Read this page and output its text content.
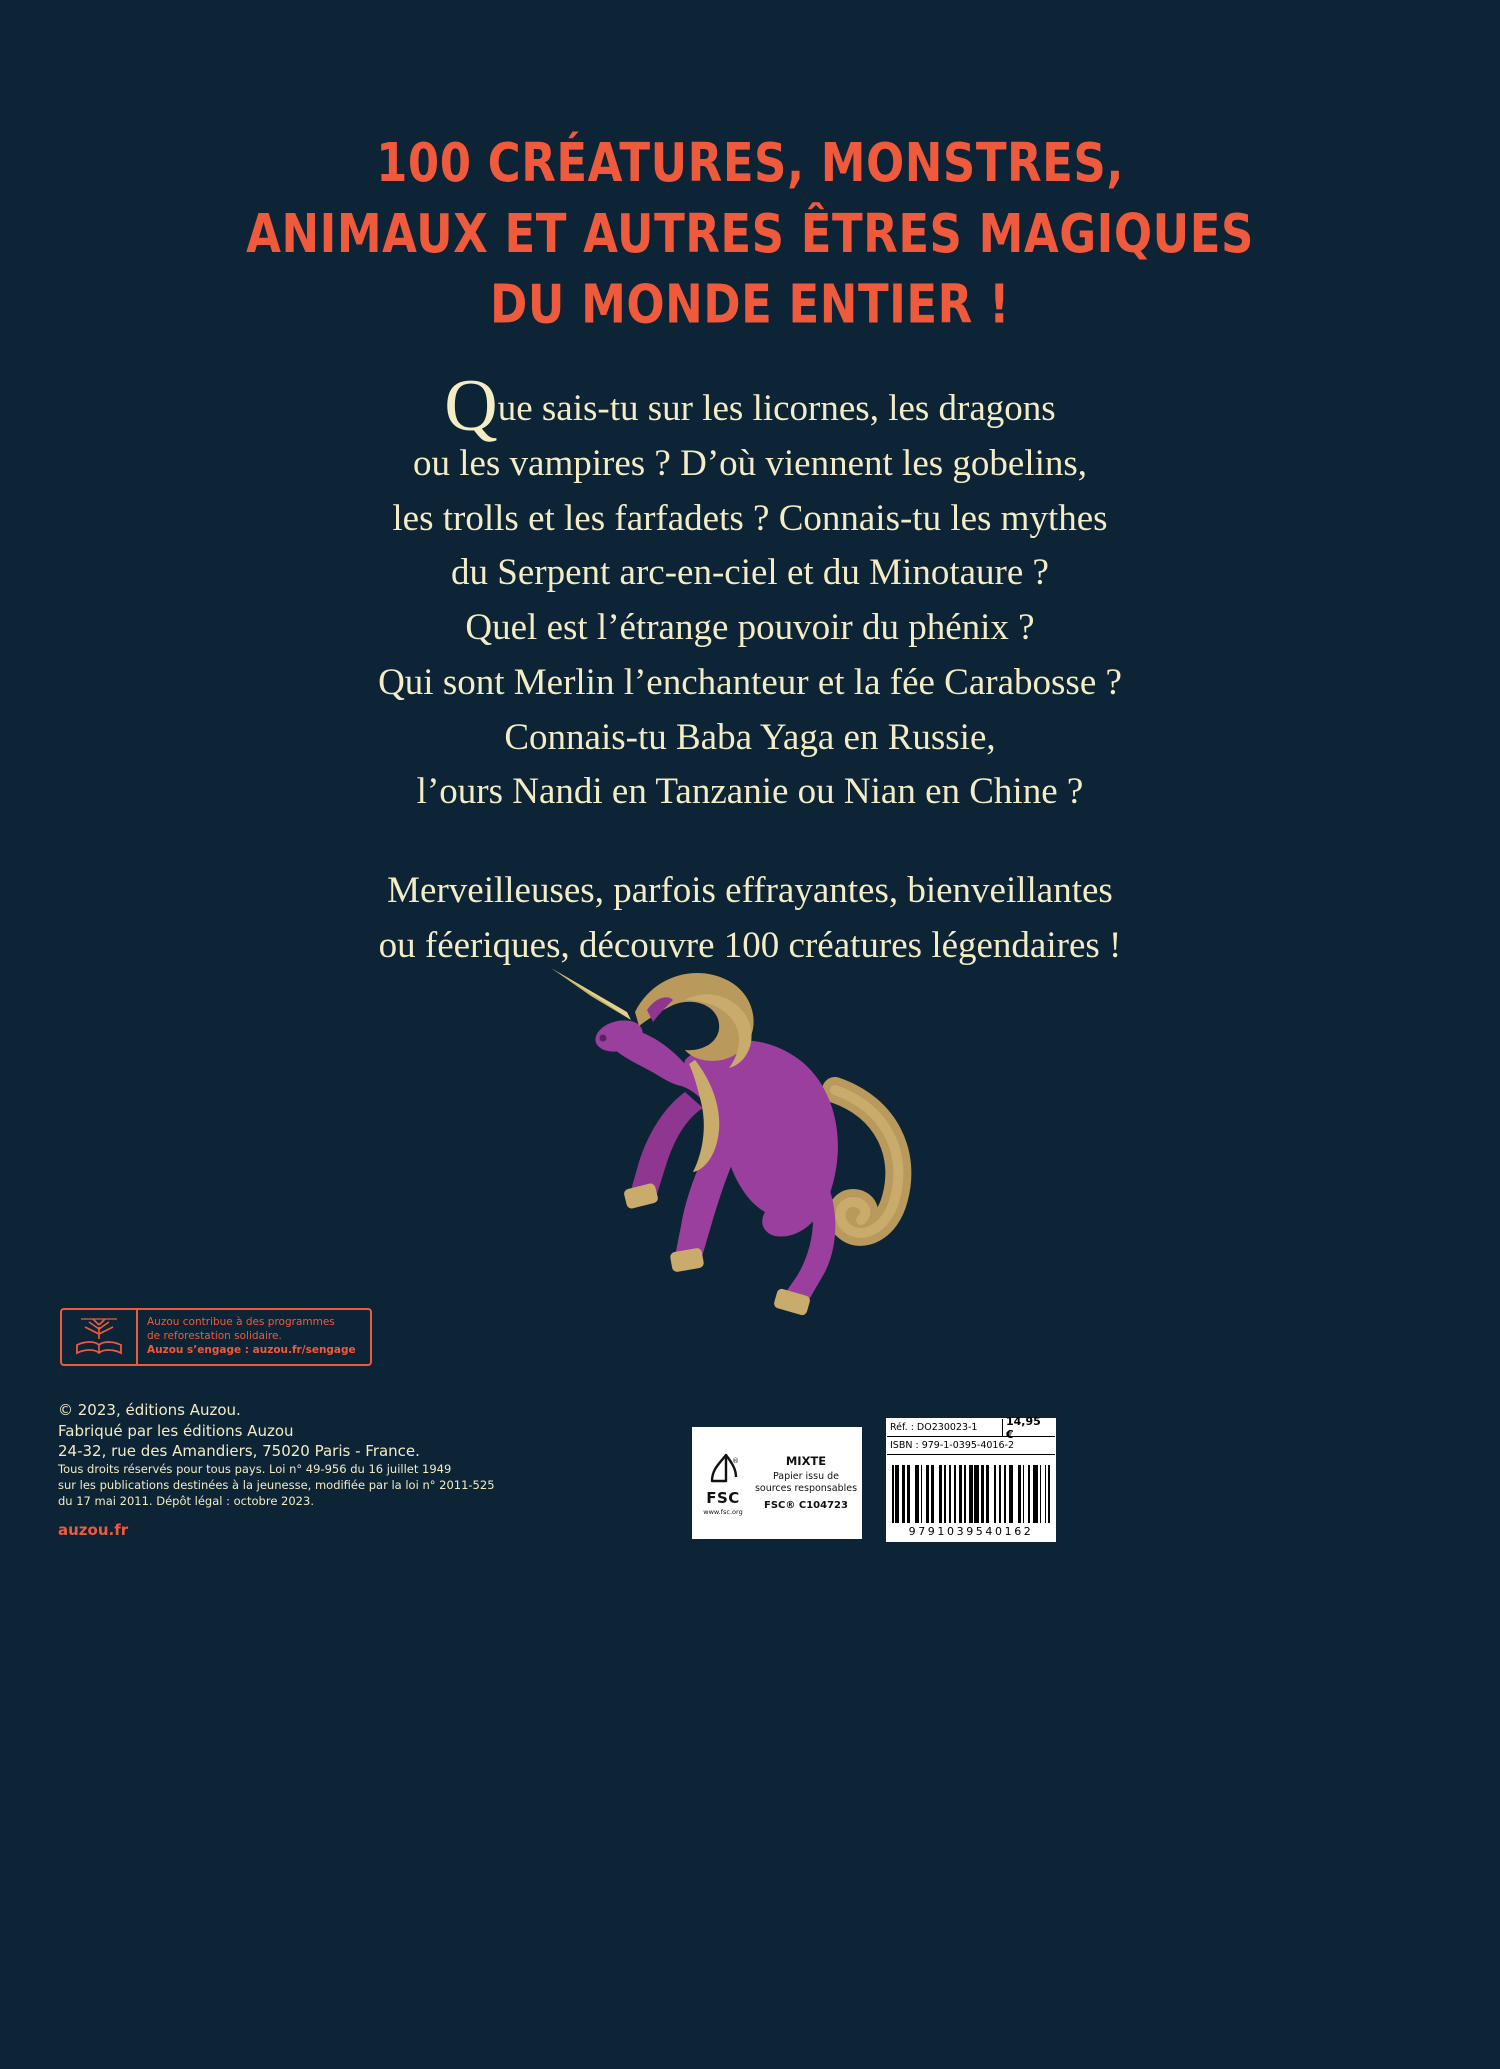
100 CRÉATURES, MONSTRES,
ANIMAUX ET AUTRES ÊTRES MAGIQUES
DU MONDE ENTIER !

Que sais-tu sur les licornes, les dragons
ou les vampires ? D’où viennent les gobelins,
les trolls et les farfadets ? Connais-tu les mythes
du Serpent arc-en-ciel et du Minotaure ?
Quel est l’étrange pouvoir du phénix ?
Qui sont Merlin l’enchanteur et la fée Carabosse ?
Connais-tu Baba Yaga en Russie,
l’ours Nandi en Tanzanie ou Nian en Chine ?

Merveilleuses, parfois effrayantes, bienveillantes
ou féeriques, découvre 100 créatures légendaires !

Auzou contribue à des programmes
de reforestation solidaire.
Auzou s’engage : auzou.fr/sengage
© 2023, éditions Auzou.
Fabriqué par les éditions Auzou
24-32, rue des Amandiers, 75020 Paris - France.
Tous droits réservés pour tous pays. Loi n° 49-956 du 16 juillet 1949
sur les publications destinées à la jeunesse, modifiée par la loi n° 2011-525
du 17 mai 2011. Dépôt légal : octobre 2023.
auzou.fr
®
FSC
www.fsc.org
MIXTE
Papier issu de
sources responsables
FSC® C104723
Réf. : DO230023-1	14,95 €
ISBN : 979-1-0395-4016-2
9791039540162
